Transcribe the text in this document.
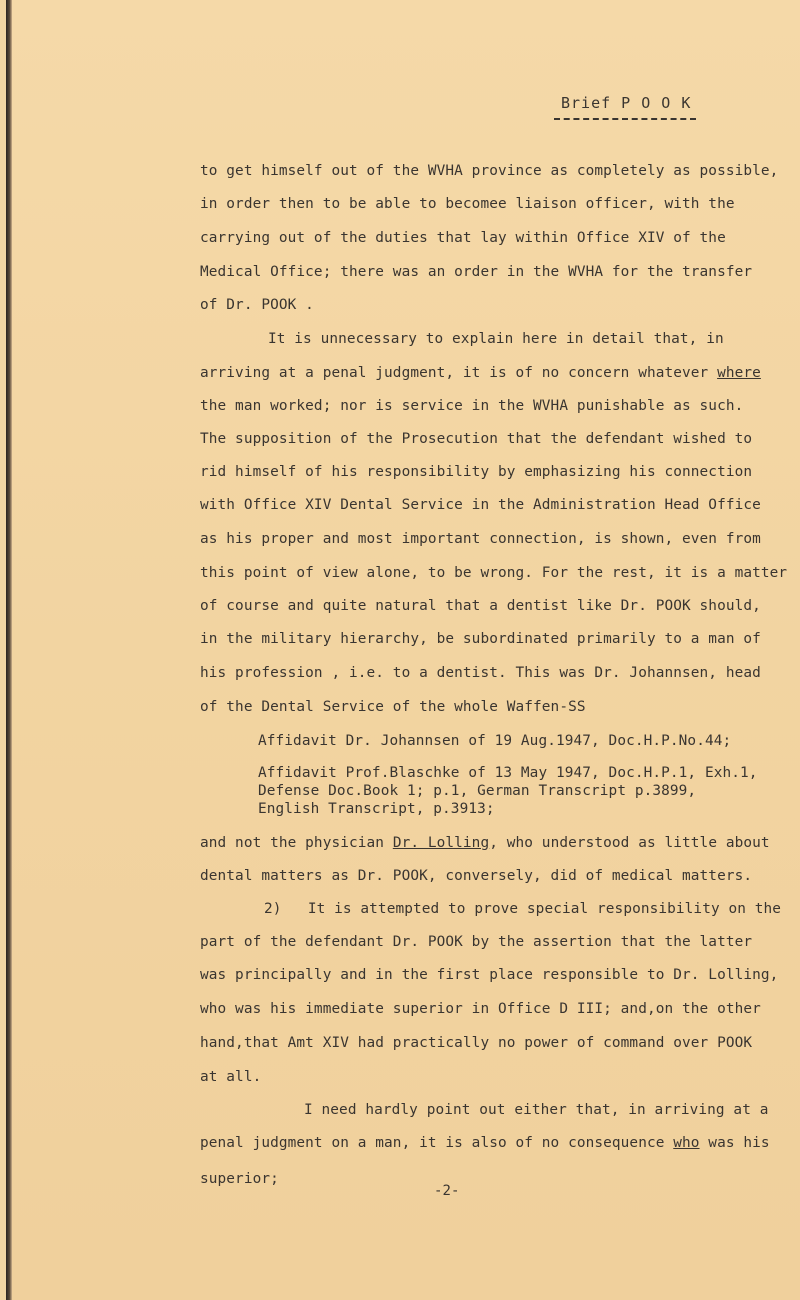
Brief P O O K
to get himself out of the WVHA province as completely as possible,
in order then to be able to becomee liaison officer, with the
carrying out of the duties that lay within Office XIV of the
Medical Office; there was an order in the WVHA for the transfer
of Dr. POOK .
It is unnecessary to explain here in detail that, in
arriving at a penal judgment, it is of no concern whatever where
the man worked; nor is service in the WVHA punishable as such.
The supposition of the Prosecution that the defendant wished to
rid himself of his responsibility by emphasizing his connection
with Office XIV Dental Service in the Administration Head Office
as his proper and most important connection, is shown, even from
this point of view alone, to be wrong. For the rest, it is a matter
of course and quite natural that a dentist like Dr. POOK should,
in the military hierarchy, be subordinated primarily to a man of
his profession , i.e. to a dentist. This was Dr. Johannsen, head
of the Dental Service of the whole Waffen-SS
Affidavit Dr. Johannsen of 19 Aug.1947, Doc.H.P.No.44;
Affidavit Prof.Blaschke of 13 May 1947, Doc.H.P.1, Exh.1,
Defense Doc.Book 1; p.1, German Transcript p.3899,
English Transcript, p.3913;
and not the physician Dr. Lolling, who understood as little about
dental matters as Dr. POOK, conversely, did of medical matters.
2)   It is attempted to prove special responsibility on the
part of the defendant Dr. POOK by the assertion that the latter
was principally and in the first place responsible to Dr. Lolling,
who was his immediate superior in Office D III; and,on the other
hand,that Amt XIV had practically no power of command over POOK
at all.
I need hardly point out either that, in arriving at a
penal judgment on a man, it is also of no consequence who was his
superior;
-2-
